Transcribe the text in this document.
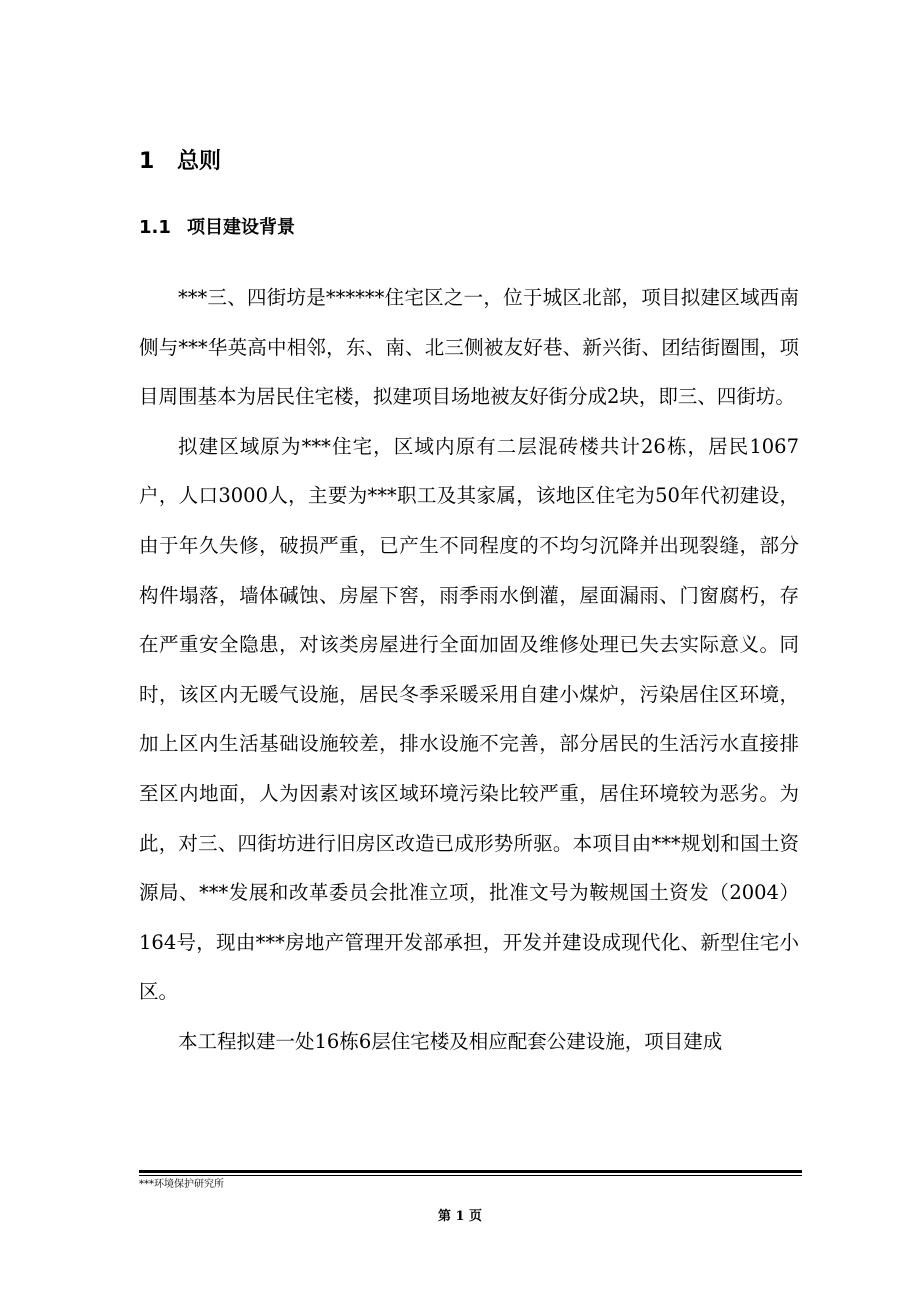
1 总则
1.1 项目建设背景

***三、四街坊是******住宅区之一，位于城区北部，项目拟建区域西南侧与***华英高中相邻，东、南、北三侧被友好巷、新兴街、团结街圈围，项目周围基本为居民住宅楼，拟建项目场地被友好街分成2块，即三、四街坊。

拟建区域原为***住宅，区域内原有二层混砖楼共计26栋，居民1067户，人口3000人，主要为***职工及其家属，该地区住宅为50年代初建设，由于年久失修，破损严重，已产生不同程度的不均匀沉降并出现裂缝，部分构件塌落，墙体碱蚀、房屋下窖，雨季雨水倒灌，屋面漏雨、门窗腐朽，存在严重安全隐患，对该类房屋进行全面加固及维修处理已失去实际意义。同时，该区内无暖气设施，居民冬季采暖采用自建小煤炉，污染居住区环境，加上区内生活基础设施较差，排水设施不完善，部分居民的生活污水直接排至区内地面，人为因素对该区域环境污染比较严重，居住环境较为恶劣。为此，对三、四街坊进行旧房区改造已成形势所驱。本项目由***规划和国土资源局、***发展和改革委员会批准立项，批准文号为鞍规国土资发（2004）164号，现由***房地产管理开发部承担，开发并建设成现代化、新型住宅小区。

本工程拟建一处16栋6层住宅楼及相应配套公建设施，项目建成

***环境保护研究所
第 1 页
